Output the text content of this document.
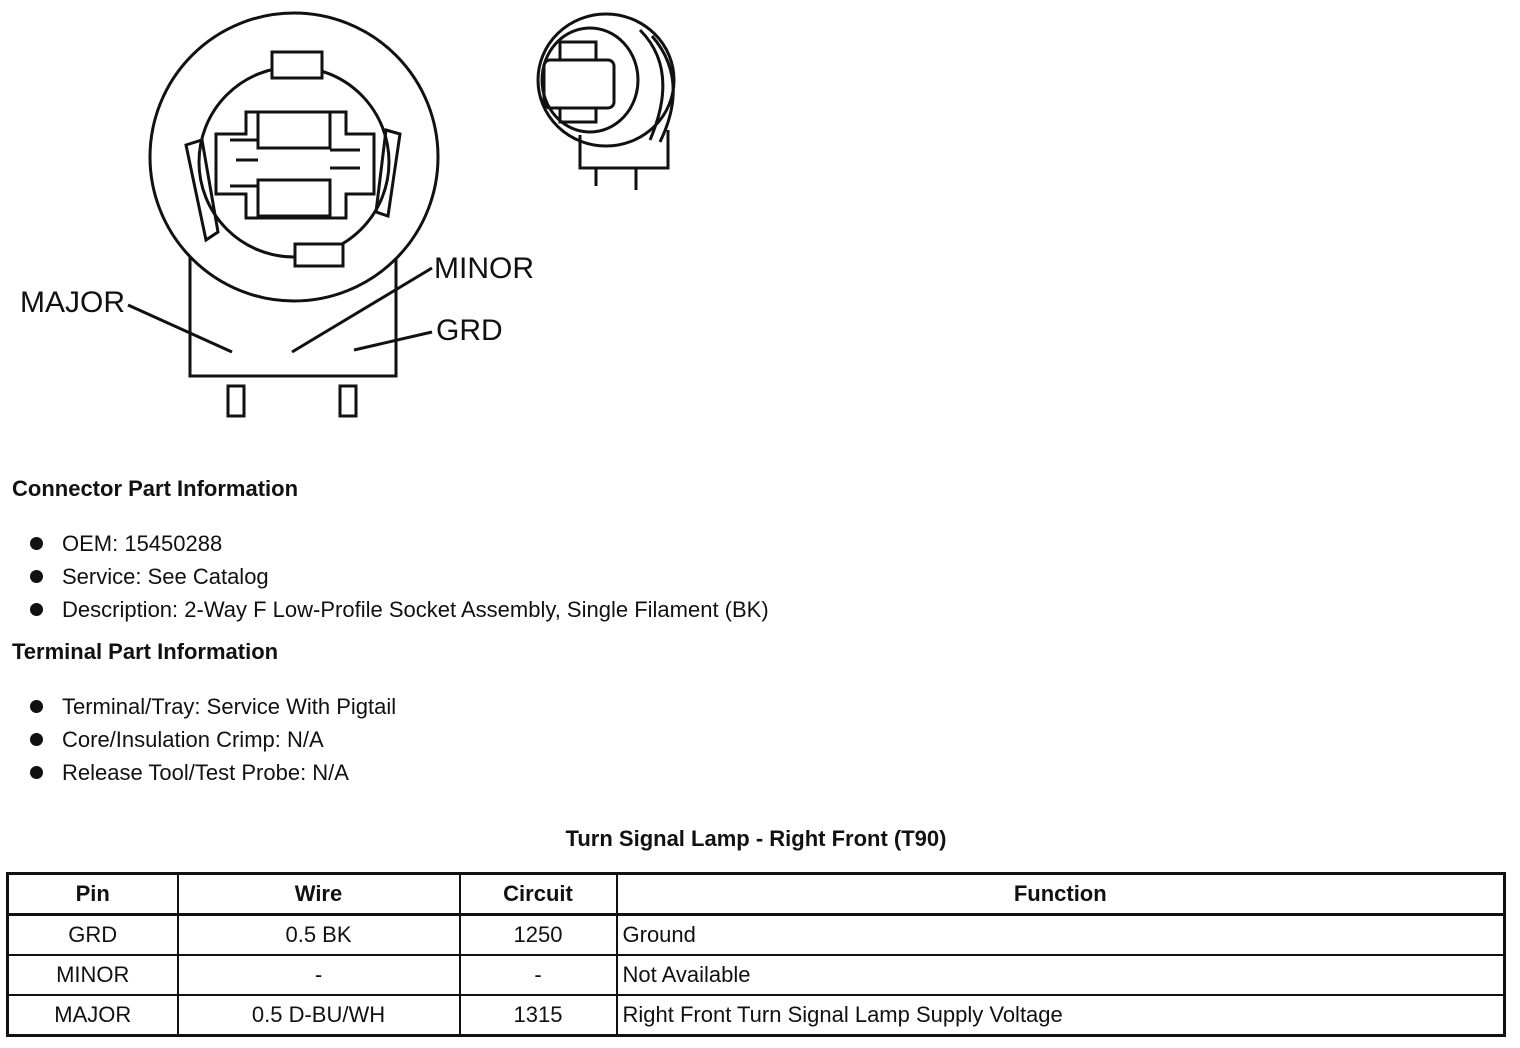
MAJOR
MINOR
GRD
Connector Part Information
OEM: 15450288
Service: See Catalog
Description: 2-Way F Low-Profile Socket Assembly, Single Filament (BK)
Terminal Part Information
Terminal/Tray: Service With Pigtail
Core/Insulation Crimp: N/A
Release Tool/Test Probe: N/A
Turn Signal Lamp - Right Front (T90)
Pin	Wire	Circuit	Function
GRD	0.5 BK	1250	Ground
MINOR	-	-	Not Available
MAJOR	0.5 D-BU/WH	1315	Right Front Turn Signal Lamp Supply Voltage
